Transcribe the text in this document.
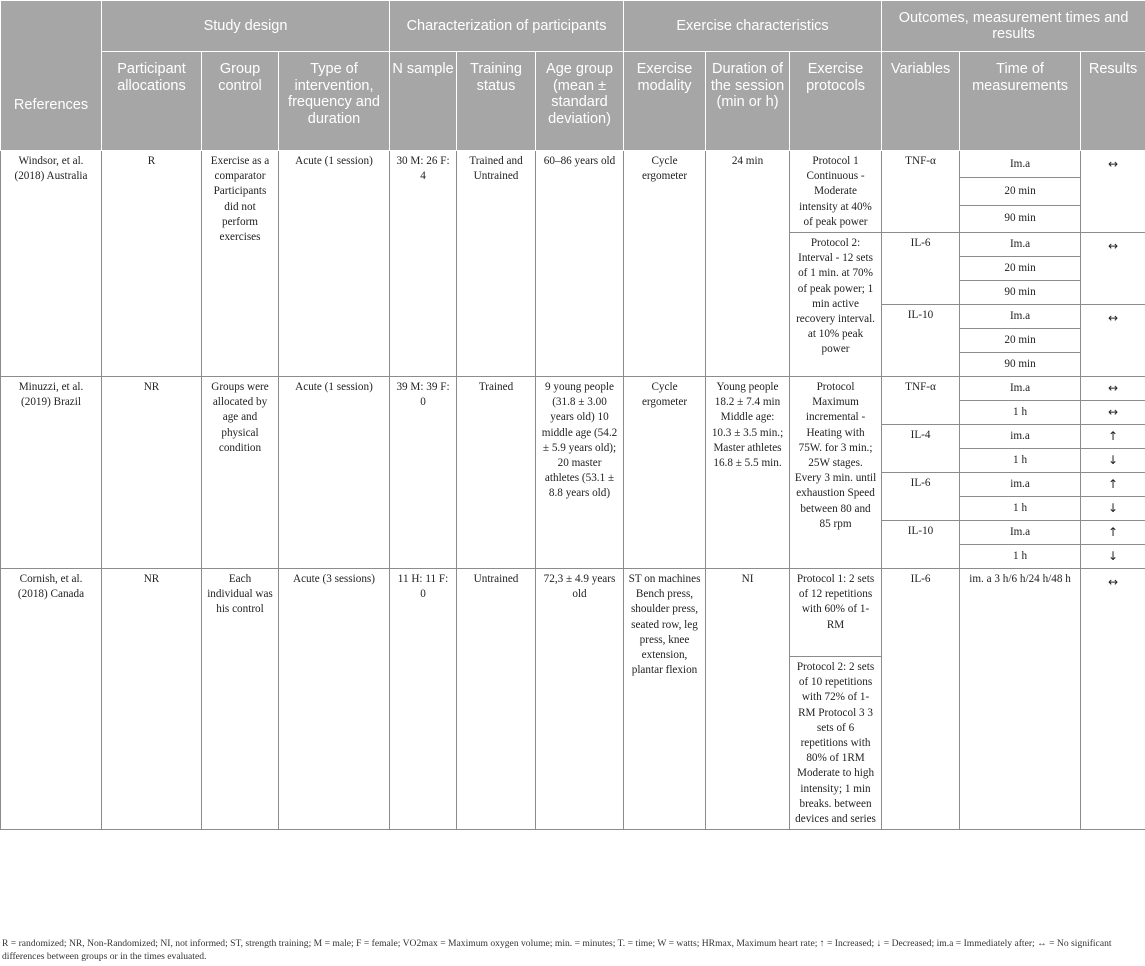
References	Study design			Characterization of participants			Exercise characteristics			Outcomes, measurement times and results		
	Participant allocations	Group control	Type of intervention, frequency and duration	N sample	Training status	Age group (mean ± standard deviation)	Exercise modality	Duration of the session (min or h)	Exercise protocols	Variables	Time of measurements	Results
Windsor, et al. (2018) Australia	R	Exercise as a comparator Participants did not perform exercises	Acute (1 session)	30 M: 26 F: 4	Trained and Untrained	60–86 years old	Cycle ergometer	24 min	Protocol 1 Continuous -Moderate intensity at 40% of peak power	TNF-α	Im.a	↔
											20 min	
											90 min	
									Protocol 2: Interval - 12 sets of 1 min. at 70% of peak power; 1 min active recovery interval. at 10% peak power	IL-6	Im.a	↔
											20 min	
											90 min	
										IL-10	Im.a	↔
											20 min	
											90 min	
Minuzzi, et al. (2019) Brazil	NR	Groups were allocated by age and physical condition	Acute (1 session)	39 M: 39 F: 0	Trained	9 young people (31.8 ± 3.00 years old) 10 middle age (54.2 ± 5.9 years old); 20 master athletes (53.1 ± 8.8 years old)	Cycle ergometer	Young people 18.2 ± 7.4 min Middle age: 10.3 ± 3.5 min.; Master athletes 16.8 ± 5.5 min.	Protocol Maximum incremental - Heating with 75W. for 3 min.; 25W stages. Every 3 min. until exhaustion Speed between 80 and 85 rpm	TNF-α	Im.a	↔
											1 h	↔
										IL-4	im.a	↑
											1 h	↓
										IL-6	im.a	↑
											1 h	↓
										IL-10	Im.a	↑
											1 h	↓
Cornish, et al. (2018) Canada	NR	Each individual was his control	Acute (3 sessions)	11 H: 11 F: 0	Untrained	72,3 ± 4.9 years old	ST on machines Bench press, shoulder press, seated row, leg press, knee extension, plantar flexion	NI	Protocol 1: 2 sets of 12 repetitions with 60% of 1-RM	IL-6	im. a 3 h/6 h/24 h/48 h	↔
									Protocol 2: 2 sets of 10 repetitions with 72% of 1-RM Protocol 3 3 sets of 6 repetitions with 80% of 1RM Moderate to high intensity; 1 min breaks. between devices and series			
R = randomized; NR, Non-Randomized; NI, not informed; ST, strength training; M = male; F = female; VO2max = Maximum oxygen volume; min. = minutes; T. = time; W = watts; HRmax, Maximum heart rate; ↑ = Increased; ↓ = Decreased; im.a = Immediately after; ↔ = No significant differences between groups or in the times evaluated.
